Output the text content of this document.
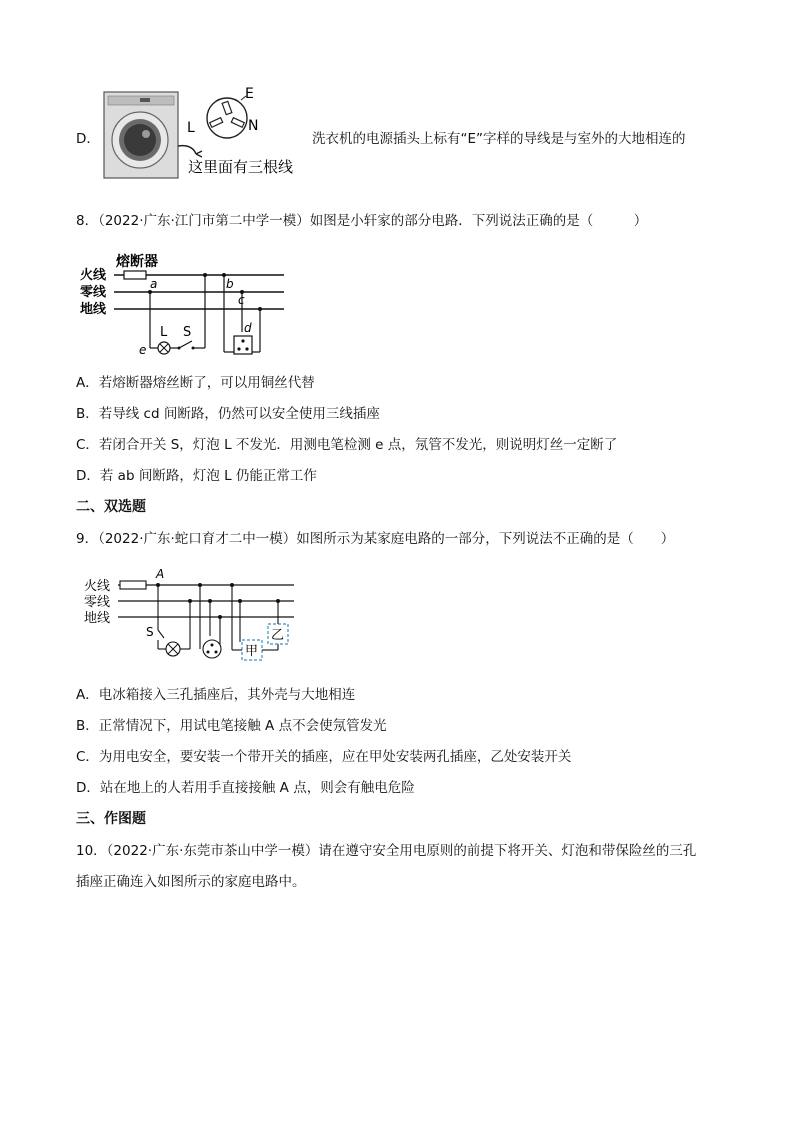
D．
E
L	N
这里面有三根线
洗衣机的电源插头上标有“E”字样的导线是与室外的大地相连的
8．（2022·广东·江门市第二中学一模）如图是小轩家的部分电路．下列说法正确的是（　　　）
熔断器
火线
零线
地线
a
e
L S
b
c
d
A．若熔断器熔丝断了，可以用铜丝代替
B．若导线 cd 间断路，仍然可以安全使用三线插座
C．若闭合开关 S，灯泡 L 不发光．用测电笔检测 e 点，氖管不发光，则说明灯丝一定断了
D．若 ab 间断路，灯泡 L 仍能正常工作
二、双选题
9．（2022·广东·蛇口育才二中一模）如图所示为某家庭电路的一部分，下列说法不正确的是（　　）
火线
零线
地线
A
S
甲
乙
A．电冰箱接入三孔插座后，其外壳与大地相连
B．正常情况下，用试电笔接触 A 点不会使氖管发光
C．为用电安全，要安装一个带开关的插座，应在甲处安装两孔插座，乙处安装开关
D．站在地上的人若用手直接接触 A 点，则会有触电危险
三、作图题
10．（2022·广东·东莞市茶山中学一模）请在遵守安全用电原则的前提下将开关、灯泡和带保险丝的三孔
插座正确连入如图所示的家庭电路中。
